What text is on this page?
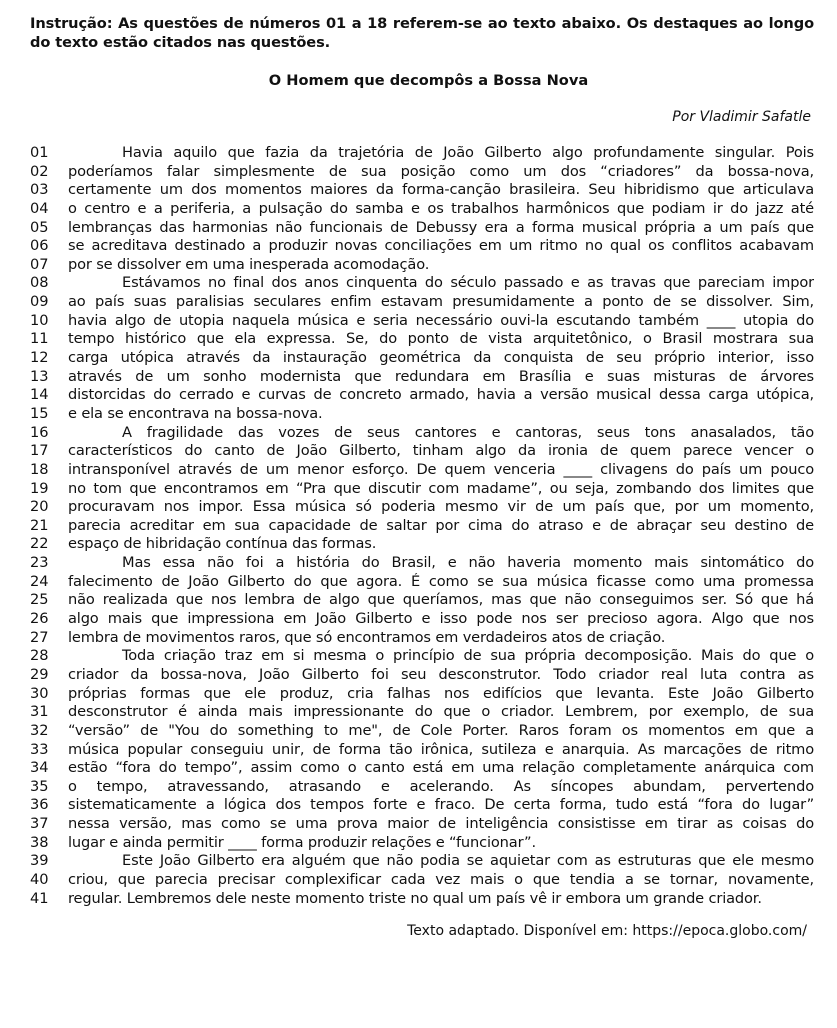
Instrução: As questões de números 01 a 18 referem-se ao texto abaixo. Os destaques ao longo do texto estão citados nas questões.
O Homem que decompôs a Bossa Nova
Por Vladimir Safatle
01	Havia aquilo que fazia da trajetória de João Gilberto algo profundamente singular. Pois
02	poderíamos falar simplesmente de sua posição como um dos “criadores” da bossa-nova,
03	certamente um dos momentos maiores da forma-canção brasileira. Seu hibridismo que articulava
04	o centro e a periferia, a pulsação do samba e os trabalhos harmônicos que podiam ir do jazz até
05	lembranças das harmonias não funcionais de Debussy era a forma musical própria a um país que
06	se acreditava destinado a produzir novas conciliações em um ritmo no qual os conflitos acabavam
07	por se dissolver em uma inesperada acomodação.
08	Estávamos no final dos anos cinquenta do século passado e as travas que pareciam impor
09	ao país suas paralisias seculares enfim estavam presumidamente a ponto de se dissolver. Sim,
10	havia algo de utopia naquela música e seria necessário ouvi-la escutando também ____ utopia do
11	tempo histórico que ela expressa. Se, do ponto de vista arquitetônico, o Brasil mostrara sua
12	carga utópica através da instauração geométrica da conquista de seu próprio interior, isso
13	através de um sonho modernista que redundara em Brasília e suas misturas de árvores
14	distorcidas do cerrado e curvas de concreto armado, havia a versão musical dessa carga utópica,
15	e ela se encontrava na bossa-nova.
16	A fragilidade das vozes de seus cantores e cantoras, seus tons anasalados, tão
17	característicos do canto de João Gilberto, tinham algo da ironia de quem parece vencer o
18	intransponível através de um menor esforço. De quem venceria ____ clivagens do país um pouco
19	no tom que encontramos em “Pra que discutir com madame”, ou seja, zombando dos limites que
20	procuravam nos impor. Essa música só poderia mesmo vir de um país que, por um momento,
21	parecia acreditar em sua capacidade de saltar por cima do atraso e de abraçar seu destino de
22	espaço de hibridação contínua das formas.
23	Mas essa não foi a história do Brasil, e não haveria momento mais sintomático do
24	falecimento de João Gilberto do que agora. É como se sua música ficasse como uma promessa
25	não realizada que nos lembra de algo que queríamos, mas que não conseguimos ser. Só que há
26	algo mais que impressiona em João Gilberto e isso pode nos ser precioso agora. Algo que nos
27	lembra de movimentos raros, que só encontramos em verdadeiros atos de criação.
28	Toda criação traz em si mesma o princípio de sua própria decomposição. Mais do que o
29	criador da bossa-nova, João Gilberto foi seu desconstrutor. Todo criador real luta contra as
30	próprias formas que ele produz, cria falhas nos edifícios que levanta. Este João Gilberto
31	desconstrutor é ainda mais impressionante do que o criador. Lembrem, por exemplo, de sua
32	“versão” de "You do something to me", de Cole Porter. Raros foram os momentos em que a
33	música popular conseguiu unir, de forma tão irônica, sutileza e anarquia. As marcações de ritmo
34	estão “fora do tempo”, assim como o canto está em uma relação completamente anárquica com
35	o tempo, atravessando, atrasando e acelerando. As síncopes abundam, pervertendo
36	sistematicamente a lógica dos tempos forte e fraco. De certa forma, tudo está “fora do lugar”
37	nessa versão, mas como se uma prova maior de inteligência consistisse em tirar as coisas do
38	lugar e ainda permitir ____ forma produzir relações e “funcionar”.
39	Este João Gilberto era alguém que não podia se aquietar com as estruturas que ele mesmo
40	criou, que parecia precisar complexificar cada vez mais o que tendia a se tornar, novamente,
41	regular. Lembremos dele neste momento triste no qual um país vê ir embora um grande criador.
Texto adaptado. Disponível em: https://epoca.globo.com/
